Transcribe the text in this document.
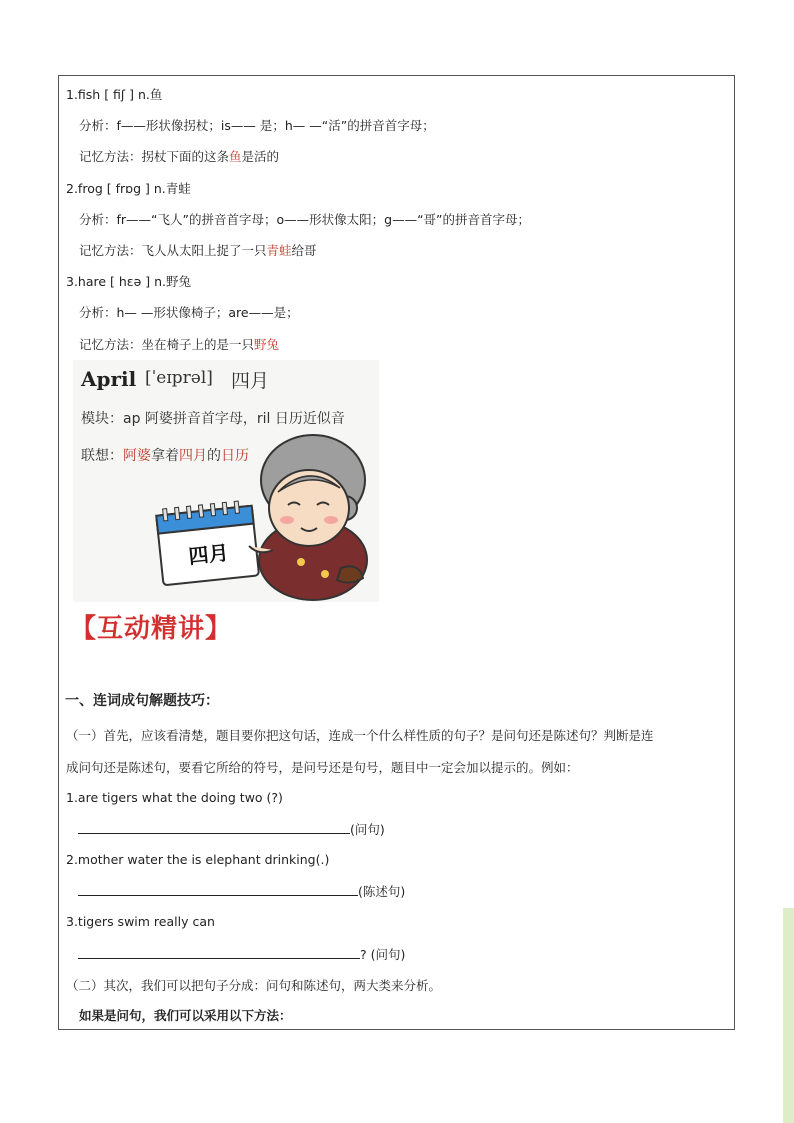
1.fish [ fiʃ ] n.鱼
分析：f——形状像拐杖；is—— 是；h— —“活”的拼音首字母；
记忆方法：拐杖下面的这条鱼是活的
2.frog [ frɒg ] n.青蛙
分析：fr——“飞人”的拼音首字母；o——形状像太阳；g——“哥”的拼音首字母；
记忆方法：飞人从太阳上捉了一只青蛙给哥
3.hare [ hɛə ] n.野兔
分析：h— —形状像椅子；are——是；
记忆方法：坐在椅子上的是一只野兔
April [ˈeɪprəl] 四月
模块：ap 阿婆拼音首字母，ril 日历近似音
联想：阿婆拿着四月的日历
四月
【互动精讲】
一、连词成句解题技巧：
（一）首先，应该看清楚，题目要你把这句话，连成一个什么样性质的句子？是问句还是陈述句？判断是连
成问句还是陈述句，要看它所给的符号，是问号还是句号，题目中一定会加以提示的。例如：
1.are tigers what the doing two (?)
(问句)
2.mother water the is elephant drinking(.)
(陈述句)
3.tigers swim really can
? (问句)
（二）其次，我们可以把句子分成：问句和陈述句，两大类来分析。
如果是问句，我们可以采用以下方法：
